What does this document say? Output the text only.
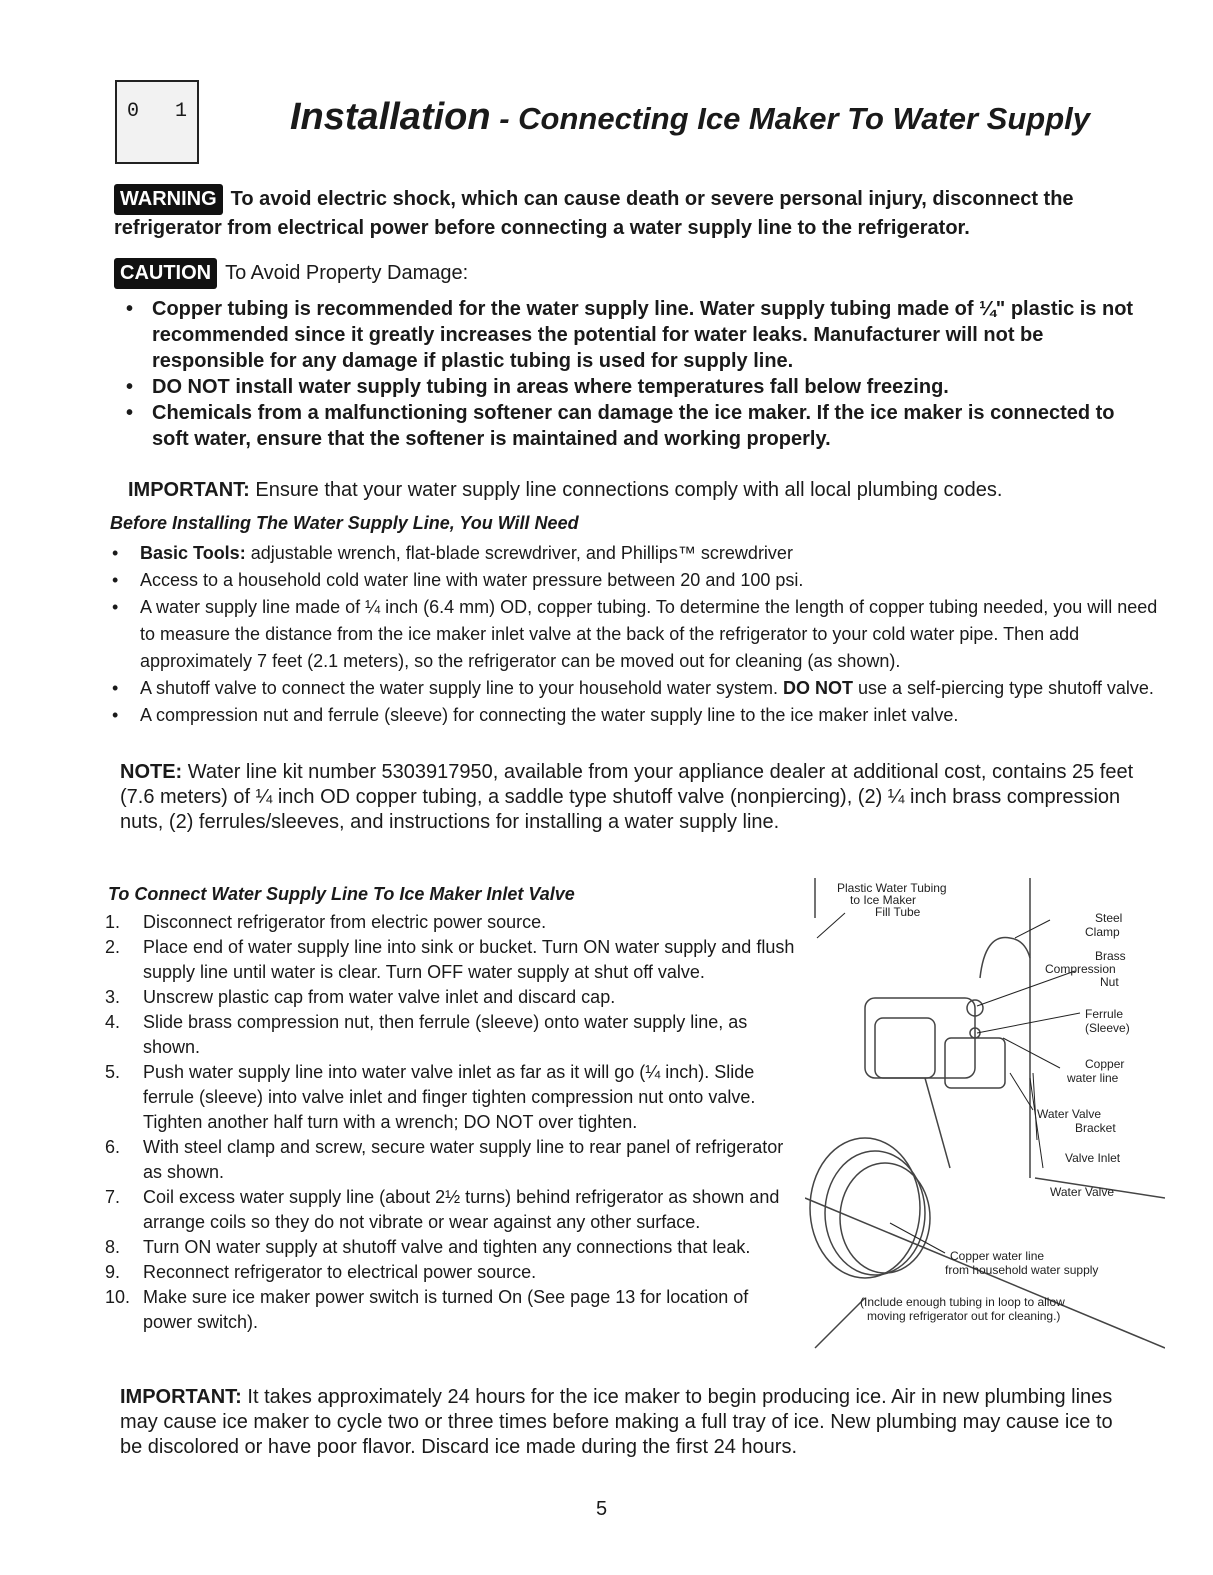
0 1	Installation - Connecting Ice Maker To Water Supply
WARNING To avoid electric shock, which can cause death or severe personal injury, disconnect the refrigerator from electrical power before connecting a water supply line to the refrigerator.
CAUTION To Avoid Property Damage:
• Copper tubing is recommended for the water supply line. Water supply tubing made of ¼" plastic is not recommended since it greatly increases the potential for water leaks. Manufacturer will not be responsible for any damage if plastic tubing is used for supply line.
• DO NOT install water supply tubing in areas where temperatures fall below freezing.
• Chemicals from a malfunctioning softener can damage the ice maker. If the ice maker is connected to soft water, ensure that the softener is maintained and working properly.
IMPORTANT: Ensure that your water supply line connections comply with all local plumbing codes.
Before Installing The Water Supply Line, You Will Need
• Basic Tools: adjustable wrench, flat-blade screwdriver, and Phillips™ screwdriver
• Access to a household cold water line with water pressure between 20 and 100 psi.
• A water supply line made of ¼ inch (6.4 mm) OD, copper tubing. To determine the length of copper tubing needed, you will need to measure the distance from the ice maker inlet valve at the back of the refrigerator to your cold water pipe. Then add approximately 7 feet (2.1 meters), so the refrigerator can be moved out for cleaning (as shown).
• A shutoff valve to connect the water supply line to your household water system. DO NOT use a self-piercing type shutoff valve.
• A compression nut and ferrule (sleeve) for connecting the water supply line to the ice maker inlet valve.
NOTE: Water line kit number 5303917950, available from your appliance dealer at additional cost, contains 25 feet (7.6 meters) of ¼ inch OD copper tubing, a saddle type shutoff valve (nonpiercing), (2) ¼ inch brass compression nuts, (2) ferrules/sleeves, and instructions for installing a water supply line.
To Connect Water Supply Line To Ice Maker Inlet Valve
1. Disconnect refrigerator from electric power source.
2. Place end of water supply line into sink or bucket. Turn ON water supply and flush supply line until water is clear. Turn OFF water supply at shut off valve.
3. Unscrew plastic cap from water valve inlet and discard cap.
4. Slide brass compression nut, then ferrule (sleeve) onto water supply line, as shown.
5. Push water supply line into water valve inlet as far as it will go (¼ inch). Slide ferrule (sleeve) into valve inlet and finger tighten compression nut onto valve. Tighten another half turn with a wrench; DO NOT over tighten.
6. With steel clamp and screw, secure water supply line to rear panel of refrigerator as shown.
7. Coil excess water supply line (about 2½ turns) behind refrigerator as shown and arrange coils so they do not vibrate or wear against any other surface.
8. Turn ON water supply at shutoff valve and tighten any connections that leak.
9. Reconnect refrigerator to electrical power source.
10. Make sure ice maker power switch is turned On (See page 13 for location of power switch).
Plastic Water Tubing
to Ice Maker
Fill Tube	Steel
Clamp
Brass
Compression
Nut
Ferrule
(Sleeve)
Copper
water line
Water Valve
Bracket
Valve Inlet
Water Valve
Copper water line
from household water supply
(Include enough tubing in loop to allow
moving refrigerator out for cleaning.)
IMPORTANT: It takes approximately 24 hours for the ice maker to begin producing ice. Air in new plumbing lines may cause ice maker to cycle two or three times before making a full tray of ice. New plumbing may cause ice to be discolored or have poor flavor. Discard ice made during the first 24 hours.
5
